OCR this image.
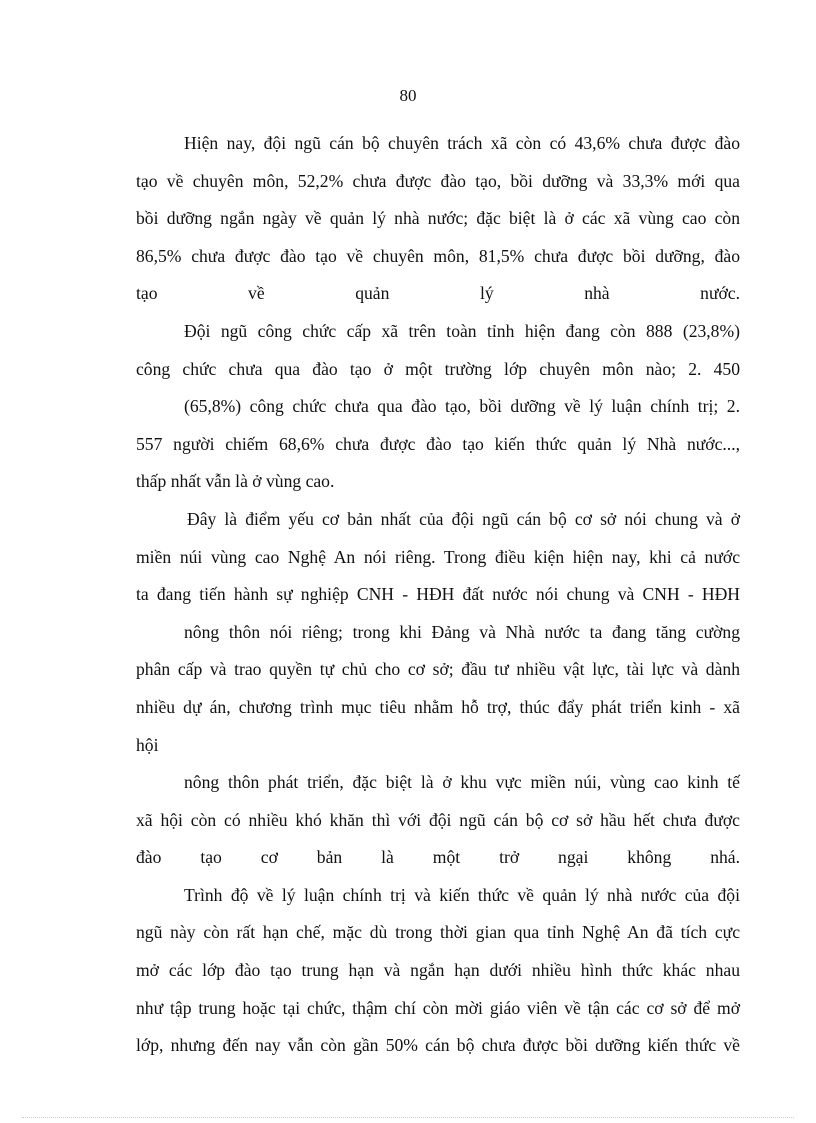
80
Hiện nay, đội ngũ cán bộ chuyên trách xã còn có 43,6% chưa được đào
tạo về chuyên môn, 52,2% chưa được đào tạo, bồi dưỡng và 33,3% mới qua
bồi dưỡng ngắn ngày về quản lý nhà nước; đặc biệt là ở các xã vùng cao còn
86,5% chưa được đào tạo về chuyên môn, 81,5% chưa được bồi dưỡng, đào
tạo về quản lý nhà nước.
Đội ngũ công chức cấp xã trên toàn tỉnh hiện đang còn 888 (23,8%)
công chức chưa qua đào tạo ở một trường lớp chuyên môn nào; 2. 450
(65,8%) công chức chưa qua đào tạo, bồi dưỡng về lý luận chính trị; 2.
557 người chiếm 68,6% chưa được đào tạo kiến thức quản lý Nhà nước...,
thấp nhất vẫn là ở vùng cao.
Đây là điểm yếu cơ bản nhất của đội ngũ cán bộ cơ sở nói chung và ở
miền núi vùng cao Nghệ An nói riêng. Trong điều kiện hiện nay, khi cả nước
ta đang tiến hành sự nghiệp CNH - HĐH đất nước nói chung và CNH - HĐH
nông thôn nói riêng; trong khi Đảng và Nhà nước ta đang tăng cường
phân cấp và trao quyền tự chủ cho cơ sở; đầu tư nhiều vật lực, tài lực và dành
nhiều dự án, chương trình mục tiêu nhằm hỗ trợ, thúc đẩy phát triển kinh - xã
hội
nông thôn phát triển, đặc biệt là ở khu vực miền núi, vùng cao kinh tế
xã hội còn có nhiều khó khăn thì với đội ngũ cán bộ cơ sở hầu hết chưa được
đào tạo cơ bản là một trở ngại không nhá.
Trình độ về lý luận chính trị và kiến thức về quản lý nhà nước của đội
ngũ này còn rất hạn chế, mặc dù trong thời gian qua tỉnh Nghệ An đã tích cực
mở các lớp đào tạo trung hạn và ngắn hạn dưới nhiều hình thức khác nhau
như tập trung hoặc tại chức, thậm chí còn mời giáo viên về tận các cơ sở để mở
lớp, nhưng đến nay vẫn còn gần 50% cán bộ chưa được bồi dưỡng kiến thức về
